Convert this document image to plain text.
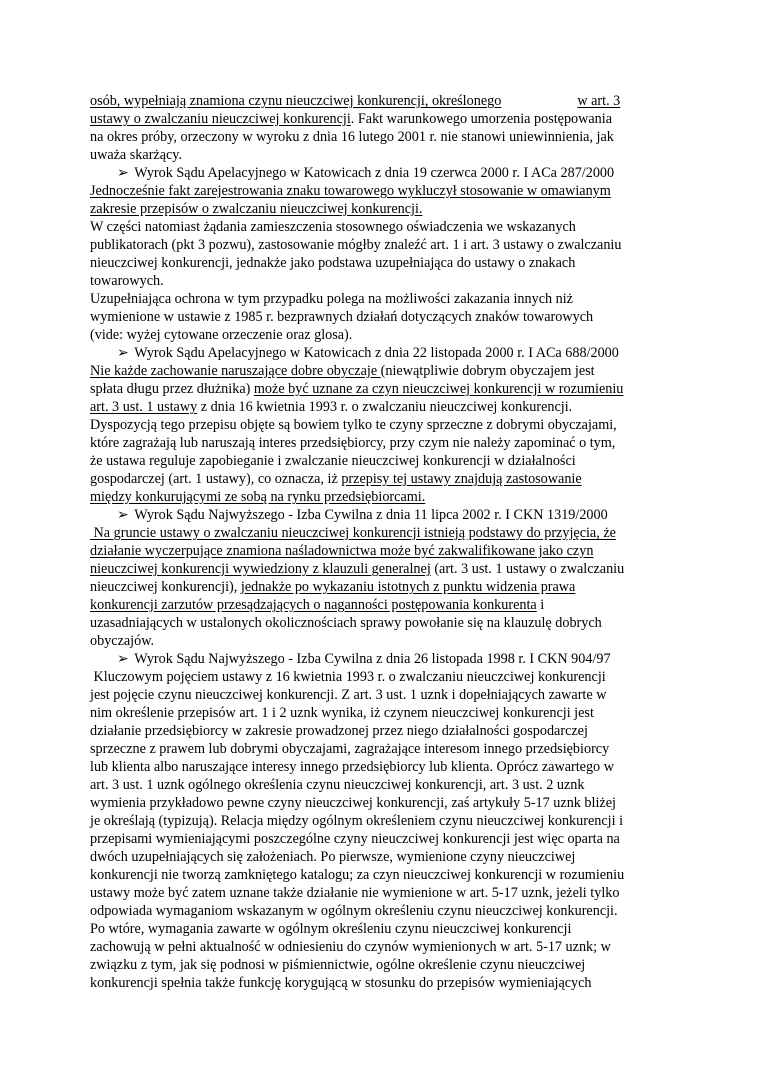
osób, wypełniają znamiona czynu nieuczciwej konkurencji, określonego	w art. 3
ustawy o zwalczaniu nieuczciwej konkurencji. Fakt warunkowego umorzenia postępowania
na okres próby, orzeczony w wyroku z dnia 16 lutego 2001 r. nie stanowi uniewinnienia, jak
uważa skarżący.
➢ Wyrok Sądu Apelacyjnego w Katowicach z dnia 19 czerwca 2000 r. I ACa 287/2000
Jednocześnie fakt zarejestrowania znaku towarowego wykluczył stosowanie w omawianym
zakresie przepisów o zwalczaniu nieuczciwej konkurencji.
W części natomiast żądania zamieszczenia stosownego oświadczenia we wskazanych
publikatorach (pkt 3 pozwu), zastosowanie mógłby znaleźć art. 1 i art. 3 ustawy o zwalczaniu
nieuczciwej konkurencji, jednakże jako podstawa uzupełniająca do ustawy o znakach
towarowych.
Uzupełniająca ochrona w tym przypadku polega na możliwości zakazania innych niż
wymienione w ustawie z 1985 r. bezprawnych działań dotyczących znaków towarowych
(vide: wyżej cytowane orzeczenie oraz glosa).
➢ Wyrok Sądu Apelacyjnego w Katowicach z dnia 22 listopada 2000 r. I ACa 688/2000
Nie każde zachowanie naruszające dobre obyczaje (niewątpliwie dobrym obyczajem jest
spłata długu przez dłużnika) może być uznane za czyn nieuczciwej konkurencji w rozumieniu
art. 3 ust. 1 ustawy z dnia 16 kwietnia 1993 r. o zwalczaniu nieuczciwej konkurencji.
Dyspozycją tego przepisu objęte są bowiem tylko te czyny sprzeczne z dobrymi obyczajami,
które zagrażają lub naruszają interes przedsiębiorcy, przy czym nie należy zapominać o tym,
że ustawa reguluje zapobieganie i zwalczanie nieuczciwej konkurencji w działalności
gospodarczej (art. 1 ustawy), co oznacza, iż przepisy tej ustawy znajdują zastosowanie
między konkurującymi ze sobą na rynku przedsiębiorcami.
➢ Wyrok Sądu Najwyższego - Izba Cywilna z dnia 11 lipca 2002 r. I CKN 1319/2000
Na gruncie ustawy o zwalczaniu nieuczciwej konkurencji istnieją podstawy do przyjęcia, że
działanie wyczerpujące znamiona naśladownictwa może być zakwalifikowane jako czyn
nieuczciwej konkurencji wywiedziony z klauzuli generalnej (art. 3 ust. 1 ustawy o zwalczaniu
nieuczciwej konkurencji), jednakże po wykazaniu istotnych z punktu widzenia prawa
konkurencji zarzutów przesądzających o naganności postępowania konkurenta i
uzasadniających w ustalonych okolicznościach sprawy powołanie się na klauzulę dobrych
obyczajów.
➢ Wyrok Sądu Najwyższego - Izba Cywilna z dnia 26 listopada 1998 r. I CKN 904/97
Kluczowym pojęciem ustawy z 16 kwietnia 1993 r. o zwalczaniu nieuczciwej konkurencji
jest pojęcie czynu nieuczciwej konkurencji. Z art. 3 ust. 1 uznk i dopełniających zawarte w
nim określenie przepisów art. 1 i 2 uznk wynika, iż czynem nieuczciwej konkurencji jest
działanie przedsiębiorcy w zakresie prowadzonej przez niego działalności gospodarczej
sprzeczne z prawem lub dobrymi obyczajami, zagrażające interesom innego przedsiębiorcy
lub klienta albo naruszające interesy innego przedsiębiorcy lub klienta. Oprócz zawartego w
art. 3 ust. 1 uznk ogólnego określenia czynu nieuczciwej konkurencji, art. 3 ust. 2 uznk
wymienia przykładowo pewne czyny nieuczciwej konkurencji, zaś artykuły 5-17 uznk bliżej
je określają (typizują). Relacja między ogólnym określeniem czynu nieuczciwej konkurencji i
przepisami wymieniającymi poszczególne czyny nieuczciwej konkurencji jest więc oparta na
dwóch uzupełniających się założeniach. Po pierwsze, wymienione czyny nieuczciwej
konkurencji nie tworzą zamkniętego katalogu; za czyn nieuczciwej konkurencji w rozumieniu
ustawy może być zatem uznane także działanie nie wymienione w art. 5-17 uznk, jeżeli tylko
odpowiada wymaganiom wskazanym w ogólnym określeniu czynu nieuczciwej konkurencji.
Po wtóre, wymagania zawarte w ogólnym określeniu czynu nieuczciwej konkurencji
zachowują w pełni aktualność w odniesieniu do czynów wymienionych w art. 5-17 uznk; w
związku z tym, jak się podnosi w piśmiennictwie, ogólne określenie czynu nieuczciwej
konkurencji spełnia także funkcję korygującą w stosunku do przepisów wymieniających
